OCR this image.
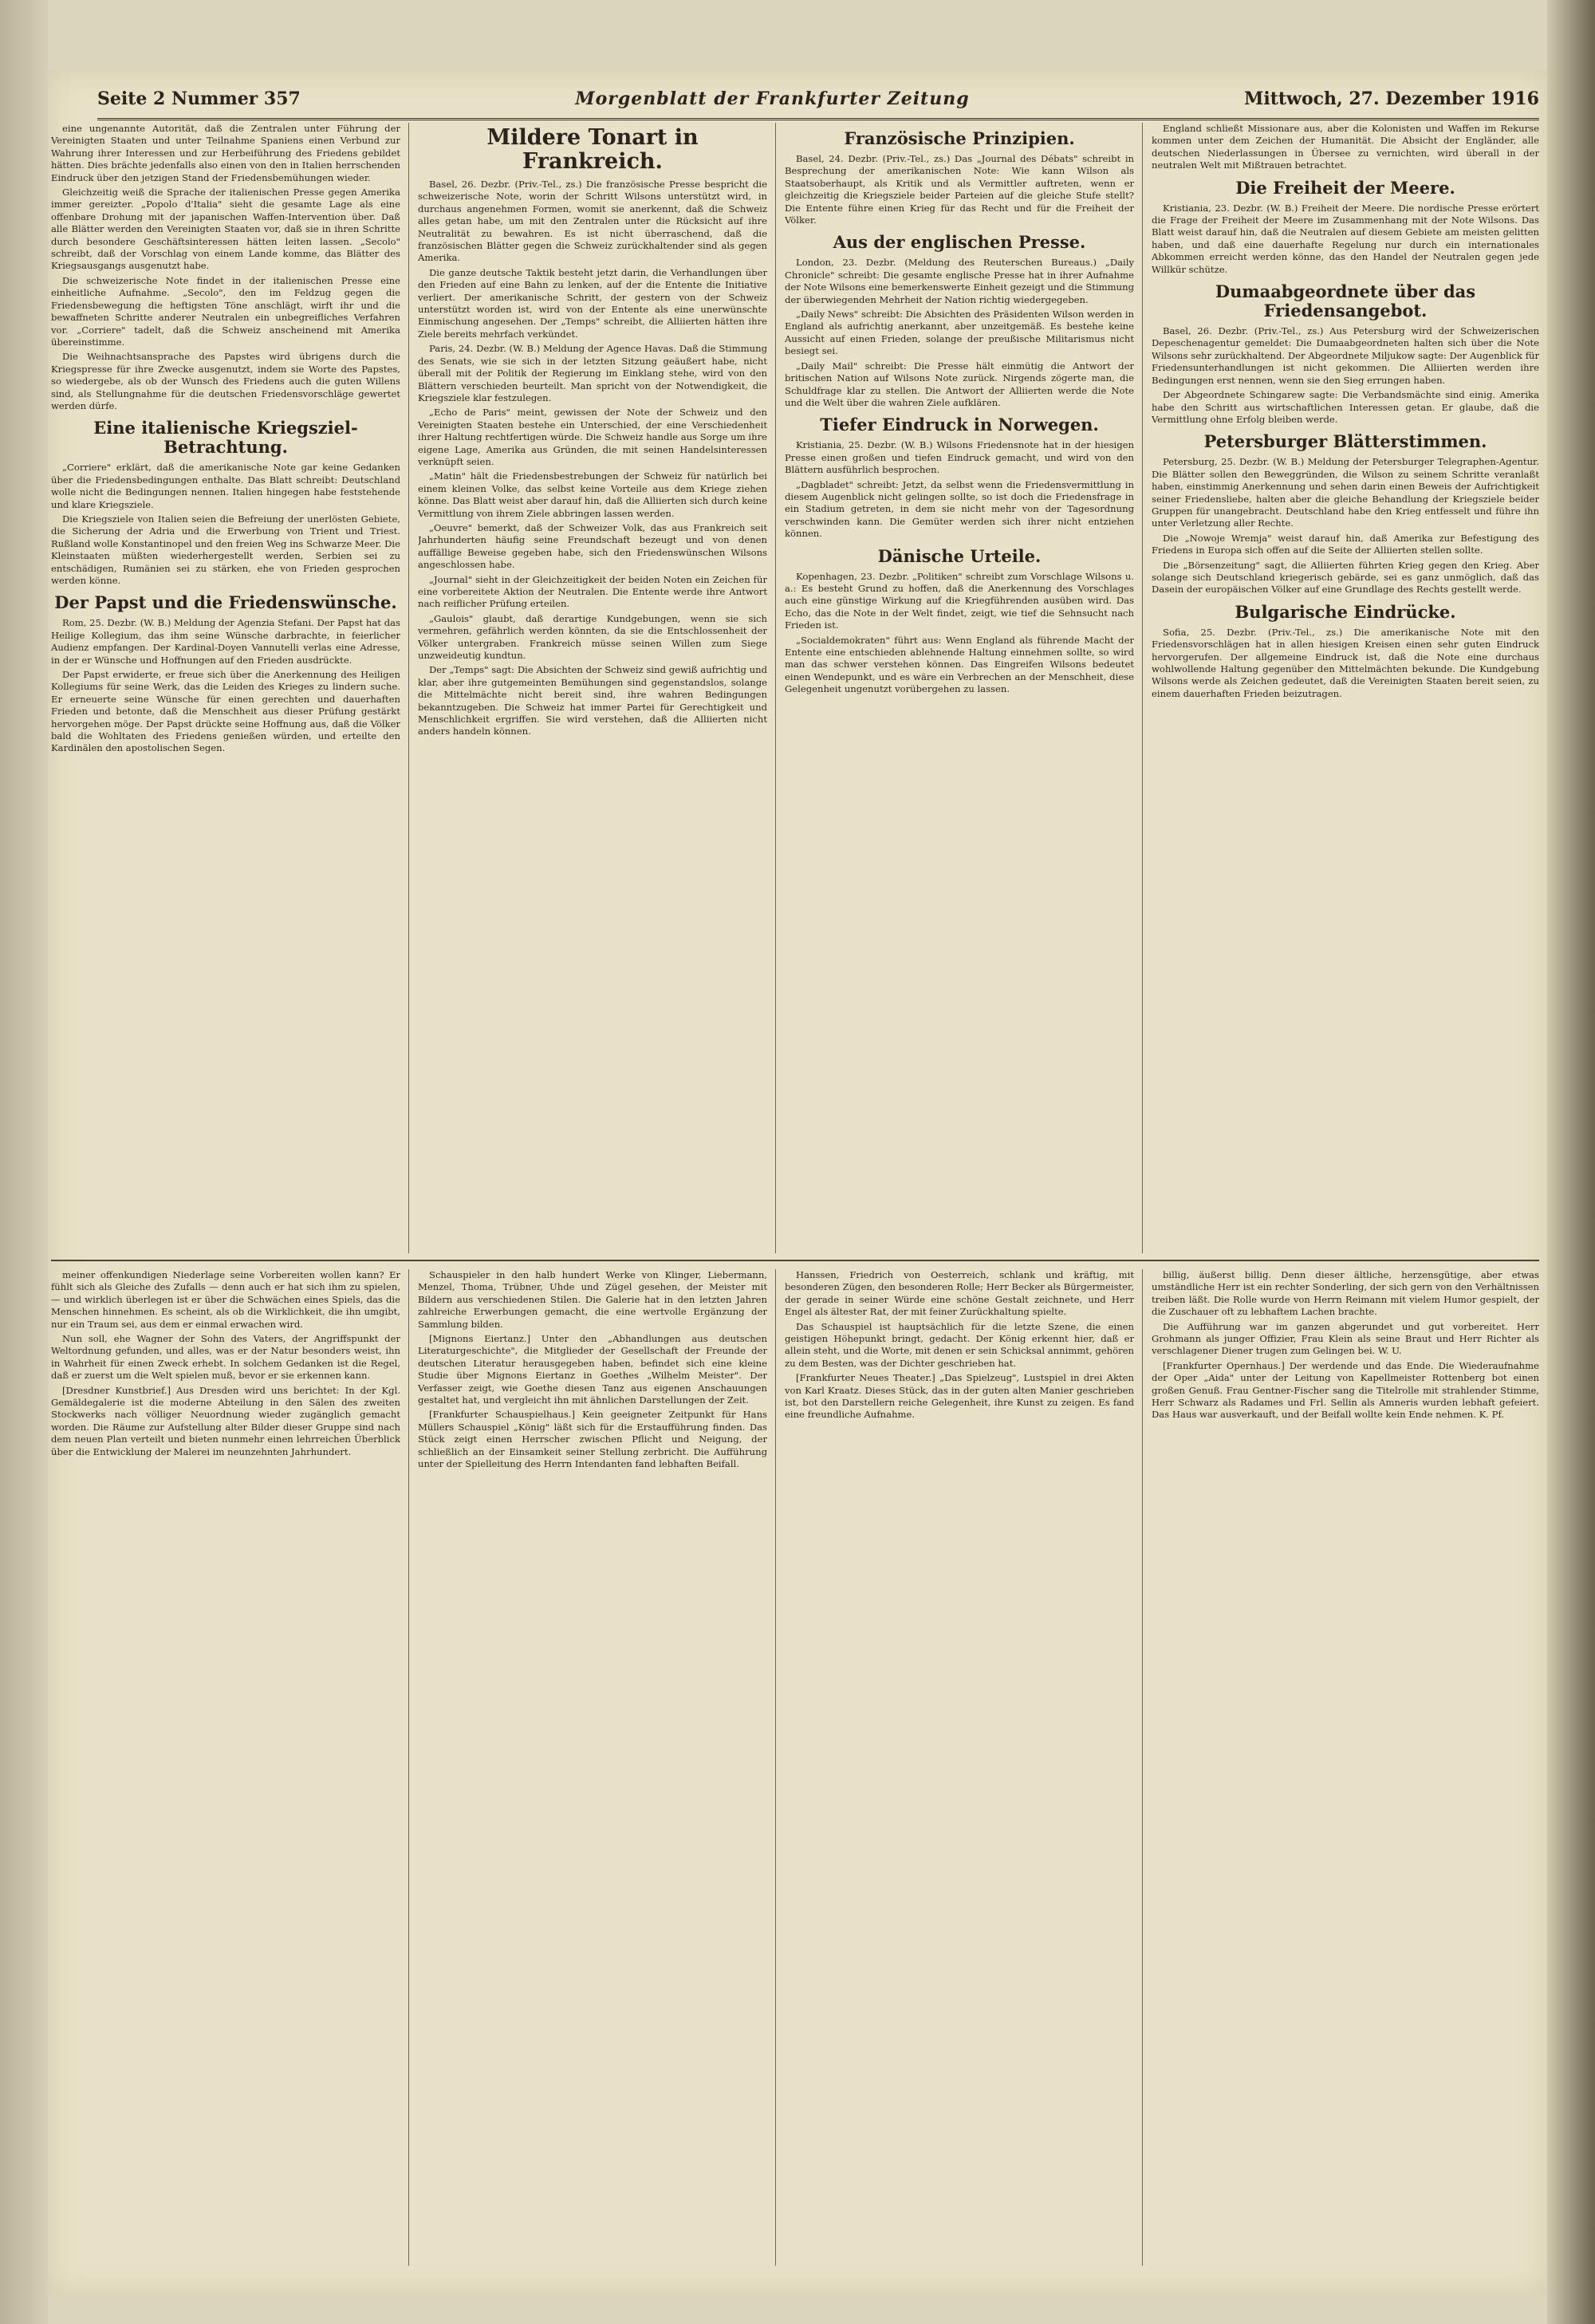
Seite 2 Nummer 357	Morgenblatt der Frankfurter Zeitung	Mittwoch, 27. Dezember 1916

eine ungenannte Autorität, daß die Zentralen unter Führung der Vereinigten Staaten und unter Teilnahme Spaniens einen Verbund zur Wahrung ihrer Interessen und zur Herbeiführung des Friedens gebildet hätten. Dies brächte jedenfalls also einen von den in Italien herrschenden Eindruck über den jetzigen Stand der Friedensbemühungen wieder.

Gleichzeitig weiß die Sprache der italienischen Presse gegen Amerika immer gereizter. „Popolo d'Italia" sieht die gesamte Lage als eine offenbare Drohung mit der japanischen Waffen-Intervention über. Daß alle Blätter werden den Vereinigten Staaten vor, daß sie in ihren Schritte durch besondere Geschäftsinteressen hätten leiten lassen. „Secolo" schreibt, daß der Vorschlag von einem Lande komme, das Blätter des Kriegsausgangs ausgenutzt habe.

Die schweizerische Note findet in der italienischen Presse eine einheitliche Aufnahme. „Secolo", den im Feldzug gegen die Friedensbewegung die heftigsten Töne anschlägt, wirft ihr und die bewaffneten Schritte anderer Neutralen ein unbegreifliches Verfahren vor. „Corriere" tadelt, daß die Schweiz anscheinend mit Amerika übereinstimme.

Die Weihnachtsansprache des Papstes wird übrigens durch die Kriegspresse für ihre Zwecke ausgenutzt, indem sie Worte des Papstes, so wiedergebe, als ob der Wunsch des Friedens auch die guten Willens sind, als Stellungnahme für die deutschen Friedensvorschläge gewertet werden dürfe.

Eine italienische Kriegsziel-Betrachtung.

„Corriere" erklärt, daß die amerikanische Note gar keine Gedanken über die Friedensbedingungen enthalte. Das Blatt schreibt: Deutschland wolle nicht die Bedingungen nennen. Italien hingegen habe feststehende und klare Kriegsziele.

Die Kriegsziele von Italien seien die Befreiung der unerlösten Gebiete, die Sicherung der Adria und die Erwerbung von Trient und Triest. Rußland wolle Konstantinopel und den freien Weg ins Schwarze Meer. Die Kleinstaaten müßten wiederhergestellt werden, Serbien sei zu entschädigen, Rumänien sei zu stärken, ehe von Frieden gesprochen werden könne.

Der Papst und die Friedenswünsche.

Rom, 25. Dezbr. (W. B.) Meldung der Agenzia Stefani. Der Papst hat das Heilige Kollegium, das ihm seine Wünsche darbrachte, in feierlicher Audienz empfangen. Der Kardinal-Doyen Vannutelli verlas eine Adresse, in der er Wünsche und Hoffnungen auf den Frieden ausdrückte.

Der Papst erwiderte, er freue sich über die Anerkennung des Heiligen Kollegiums für seine Werk, das die Leiden des Krieges zu lindern suche. Er erneuerte seine Wünsche für einen gerechten und dauerhaften Frieden und betonte, daß die Menschheit aus dieser Prüfung gestärkt hervorgehen möge. Der Papst drückte seine Hoffnung aus, daß die Völker bald die Wohltaten des Friedens genießen würden, und erteilte den Kardinälen den apostolischen Segen.

Mildere Tonart in Frankreich.

Basel, 26. Dezbr. (Priv.-Tel., zs.) Die französische Presse bespricht die schweizerische Note, worin der Schritt Wilsons unterstützt wird, in durchaus angenehmen Formen, womit sie anerkennt, daß die Schweiz alles getan habe, um mit den Zentralen unter die Rücksicht auf ihre Neutralität zu bewahren. Es ist nicht überraschend, daß die französischen Blätter gegen die Schweiz zurückhaltender sind als gegen Amerika.

Die ganze deutsche Taktik besteht jetzt darin, die Verhandlungen über den Frieden auf eine Bahn zu lenken, auf der die Entente die Initiative verliert. Der amerikanische Schritt, der gestern von der Schweiz unterstützt worden ist, wird von der Entente als eine unerwünschte Einmischung angesehen. Der „Temps" schreibt, die Alliierten hätten ihre Ziele bereits mehrfach verkündet.

Paris, 24. Dezbr. (W. B.) Meldung der Agence Havas. Daß die Stimmung des Senats, wie sie sich in der letzten Sitzung geäußert habe, nicht überall mit der Politik der Regierung im Einklang stehe, wird von den Blättern verschieden beurteilt. Man spricht von der Notwendigkeit, die Kriegsziele klar festzulegen.

„Echo de Paris" meint, gewissen der Note der Schweiz und den Vereinigten Staaten bestehe ein Unterschied, der eine Verschiedenheit ihrer Haltung rechtfertigen würde. Die Schweiz handle aus Sorge um ihre eigene Lage, Amerika aus Gründen, die mit seinen Handelsinteressen verknüpft seien.

„Matin" hält die Friedensbestrebungen der Schweiz für natürlich bei einem kleinen Volke, das selbst keine Vorteile aus dem Kriege ziehen könne. Das Blatt weist aber darauf hin, daß die Alliierten sich durch keine Vermittlung von ihrem Ziele abbringen lassen werden.

„Oeuvre" bemerkt, daß der Schweizer Volk, das aus Frankreich seit Jahrhunderten häufig seine Freundschaft bezeugt und von denen auffällige Beweise gegeben habe, sich den Friedenswünschen Wilsons angeschlossen habe.

„Journal" sieht in der Gleichzeitigkeit der beiden Noten ein Zeichen für eine vorbereitete Aktion der Neutralen. Die Entente werde ihre Antwort nach reiflicher Prüfung erteilen.

„Gaulois" glaubt, daß derartige Kundgebungen, wenn sie sich vermehren, gefährlich werden könnten, da sie die Entschlossenheit der Völker untergraben. Frankreich müsse seinen Willen zum Siege unzweideutig kundtun.

Der „Temps" sagt: Die Absichten der Schweiz sind gewiß aufrichtig und klar, aber ihre gutgemeinten Bemühungen sind gegenstandslos, solange die Mittelmächte nicht bereit sind, ihre wahren Bedingungen bekanntzugeben. Die Schweiz hat immer Partei für Gerechtigkeit und Menschlichkeit ergriffen. Sie wird verstehen, daß die Alliierten nicht anders handeln können.

Französische Prinzipien.

Basel, 24. Dezbr. (Priv.-Tel., zs.) Das „Journal des Débats" schreibt in Besprechung der amerikanischen Note: Wie kann Wilson als Staatsoberhaupt, als Kritik und als Vermittler auftreten, wenn er gleichzeitig die Kriegsziele beider Parteien auf die gleiche Stufe stellt? Die Entente führe einen Krieg für das Recht und für die Freiheit der Völker.

Aus der englischen Presse.

London, 23. Dezbr. (Meldung des Reuterschen Bureaus.) „Daily Chronicle" schreibt: Die gesamte englische Presse hat in ihrer Aufnahme der Note Wilsons eine bemerkenswerte Einheit gezeigt und die Stimmung der überwiegenden Mehrheit der Nation richtig wiedergegeben.

„Daily News" schreibt: Die Absichten des Präsidenten Wilson werden in England als aufrichtig anerkannt, aber unzeitgemäß. Es bestehe keine Aussicht auf einen Frieden, solange der preußische Militarismus nicht besiegt sei.

„Daily Mail" schreibt: Die Presse hält einmütig die Antwort der britischen Nation auf Wilsons Note zurück. Nirgends zögerte man, die Schuldfrage klar zu stellen. Die Antwort der Alliierten werde die Note und die Welt über die wahren Ziele aufklären.

Tiefer Eindruck in Norwegen.

Kristiania, 25. Dezbr. (W. B.) Wilsons Friedensnote hat in der hiesigen Presse einen großen und tiefen Eindruck gemacht, und wird von den Blättern ausführlich besprochen.

„Dagbladet" schreibt: Jetzt, da selbst wenn die Friedensvermittlung in diesem Augenblick nicht gelingen sollte, so ist doch die Friedensfrage in ein Stadium getreten, in dem sie nicht mehr von der Tagesordnung verschwinden kann. Die Gemüter werden sich ihrer nicht entziehen können.

Dänische Urteile.

Kopenhagen, 23. Dezbr. „Politiken" schreibt zum Vorschlage Wilsons u. a.: Es besteht Grund zu hoffen, daß die Anerkennung des Vorschlages auch eine günstige Wirkung auf die Kriegführenden ausüben wird. Das Echo, das die Note in der Welt findet, zeigt, wie tief die Sehnsucht nach Frieden ist.

„Socialdemokraten" führt aus: Wenn England als führende Macht der Entente eine entschieden ablehnende Haltung einnehmen sollte, so wird man das schwer verstehen können. Das Eingreifen Wilsons bedeutet einen Wendepunkt, und es wäre ein Verbrechen an der Menschheit, diese Gelegenheit ungenutzt vorübergehen zu lassen.

England schließt Missionare aus, aber die Kolonisten und Waffen im Rekurse kommen unter dem Zeichen der Humanität. Die Absicht der Engländer, alle deutschen Niederlassungen in Übersee zu vernichten, wird überall in der neutralen Welt mit Mißtrauen betrachtet.

Die Freiheit der Meere.

Kristiania, 23. Dezbr. (W. B.) Freiheit der Meere. Die nordische Presse erörtert die Frage der Freiheit der Meere im Zusammenhang mit der Note Wilsons. Das Blatt weist darauf hin, daß die Neutralen auf diesem Gebiete am meisten gelitten haben, und daß eine dauerhafte Regelung nur durch ein internationales Abkommen erreicht werden könne, das den Handel der Neutralen gegen jede Willkür schütze.

Dumaabgeordnete über das Friedensangebot.

Basel, 26. Dezbr. (Priv.-Tel., zs.) Aus Petersburg wird der Schweizerischen Depeschenagentur gemeldet: Die Dumaabgeordneten halten sich über die Note Wilsons sehr zurückhaltend. Der Abgeordnete Miljukow sagte: Der Augenblick für Friedensunterhandlungen ist nicht gekommen. Die Alliierten werden ihre Bedingungen erst nennen, wenn sie den Sieg errungen haben.

Der Abgeordnete Schingarew sagte: Die Verbandsmächte sind einig. Amerika habe den Schritt aus wirtschaftlichen Interessen getan. Er glaube, daß die Vermittlung ohne Erfolg bleiben werde.

Petersburger Blätterstimmen.

Petersburg, 25. Dezbr. (W. B.) Meldung der Petersburger Telegraphen-Agentur. Die Blätter sollen den Beweggründen, die Wilson zu seinem Schritte veranlaßt haben, einstimmig Anerkennung und sehen darin einen Beweis der Aufrichtigkeit seiner Friedensliebe, halten aber die gleiche Behandlung der Kriegsziele beider Gruppen für unangebracht. Deutschland habe den Krieg entfesselt und führe ihn unter Verletzung aller Rechte.

Die „Nowoje Wremja" weist darauf hin, daß Amerika zur Befestigung des Friedens in Europa sich offen auf die Seite der Alliierten stellen sollte.

Die „Börsenzeitung" sagt, die Alliierten führten Krieg gegen den Krieg. Aber solange sich Deutschland kriegerisch gebärde, sei es ganz unmöglich, daß das Dasein der europäischen Völker auf eine Grundlage des Rechts gestellt werde.

Bulgarische Eindrücke.

Sofia, 25. Dezbr. (Priv.-Tel., zs.) Die amerikanische Note mit den Friedensvorschlägen hat in allen hiesigen Kreisen einen sehr guten Eindruck hervorgerufen. Der allgemeine Eindruck ist, daß die Note eine durchaus wohlwollende Haltung gegenüber den Mittelmächten bekunde. Die Kundgebung Wilsons werde als Zeichen gedeutet, daß die Vereinigten Staaten bereit seien, zu einem dauerhaften Frieden beizutragen.

meiner offenkundigen Niederlage seine Vorbereiten wollen kann? Er fühlt sich als Gleiche des Zufalls — denn auch er hat sich ihm zu spielen, — und wirklich überlegen ist er über die Schwächen eines Spiels, das die Menschen hinnehmen. Es scheint, als ob die Wirklichkeit, die ihn umgibt, nur ein Traum sei, aus dem er einmal erwachen wird.

Nun soll, ehe Wagner der Sohn des Vaters, der Angriffspunkt der Weltordnung gefunden, und alles, was er der Natur besonders weist, ihn in Wahrheit für einen Zweck erhebt. In solchem Gedanken ist die Regel, daß er zuerst um die Welt spielen muß, bevor er sie erkennen kann.

[Dresdner Kunstbrief.] Aus Dresden wird uns berichtet: In der Kgl. Gemäldegalerie ist die moderne Abteilung in den Sälen des zweiten Stockwerks nach völliger Neuordnung wieder zugänglich gemacht worden. Die Räume zur Aufstellung alter Bilder dieser Gruppe sind nach dem neuen Plan verteilt und bieten nunmehr einen lehrreichen Überblick über die Entwicklung der Malerei im neunzehnten Jahrhundert.

Schauspieler in den halb hundert Werke von Klinger, Liebermann, Menzel, Thoma, Trübner, Uhde und Zügel gesehen, der Meister mit Bildern aus verschiedenen Stilen. Die Galerie hat in den letzten Jahren zahlreiche Erwerbungen gemacht, die eine wertvolle Ergänzung der Sammlung bilden.

[Mignons Eiertanz.] Unter den „Abhandlungen aus deutschen Literaturgeschichte", die Mitglieder der Gesellschaft der Freunde der deutschen Literatur herausgegeben haben, befindet sich eine kleine Studie über Mignons Eiertanz in Goethes „Wilhelm Meister". Der Verfasser zeigt, wie Goethe diesen Tanz aus eigenen Anschauungen gestaltet hat, und vergleicht ihn mit ähnlichen Darstellungen der Zeit.

[Frankfurter Schauspielhaus.] Kein geeigneter Zeitpunkt für Hans Müllers Schauspiel „König" läßt sich für die Erstaufführung finden. Das Stück zeigt einen Herrscher zwischen Pflicht und Neigung, der schließlich an der Einsamkeit seiner Stellung zerbricht. Die Aufführung unter der Spielleitung des Herrn Intendanten fand lebhaften Beifall.

Hanssen, Friedrich von Oesterreich, schlank und kräftig, mit besonderen Zügen, den besonderen Rolle; Herr Becker als Bürgermeister, der gerade in seiner Würde eine schöne Gestalt zeichnete, und Herr Engel als ältester Rat, der mit feiner Zurückhaltung spielte.

Das Schauspiel ist hauptsächlich für die letzte Szene, die einen geistigen Höhepunkt bringt, gedacht. Der König erkennt hier, daß er allein steht, und die Worte, mit denen er sein Schicksal annimmt, gehören zu dem Besten, was der Dichter geschrieben hat.

[Frankfurter Neues Theater.] „Das Spielzeug", Lustspiel in drei Akten von Karl Kraatz. Dieses Stück, das in der guten alten Manier geschrieben ist, bot den Darstellern reiche Gelegenheit, ihre Kunst zu zeigen. Es fand eine freundliche Aufnahme.

billig, äußerst billig. Denn dieser ältliche, herzensgütige, aber etwas umständliche Herr ist ein rechter Sonderling, der sich gern von den Verhältnissen treiben läßt. Die Rolle wurde von Herrn Reimann mit vielem Humor gespielt, der die Zuschauer oft zu lebhaftem Lachen brachte.

Die Aufführung war im ganzen abgerundet und gut vorbereitet. Herr Grohmann als junger Offizier, Frau Klein als seine Braut und Herr Richter als verschlagener Diener trugen zum Gelingen bei. W. U.

[Frankfurter Opernhaus.] Der werdende und das Ende. Die Wiederaufnahme der Oper „Aida" unter der Leitung von Kapellmeister Rottenberg bot einen großen Genuß. Frau Gentner-Fischer sang die Titelrolle mit strahlender Stimme, Herr Schwarz als Radames und Frl. Sellin als Amneris wurden lebhaft gefeiert. Das Haus war ausverkauft, und der Beifall wollte kein Ende nehmen. K. Pf.
